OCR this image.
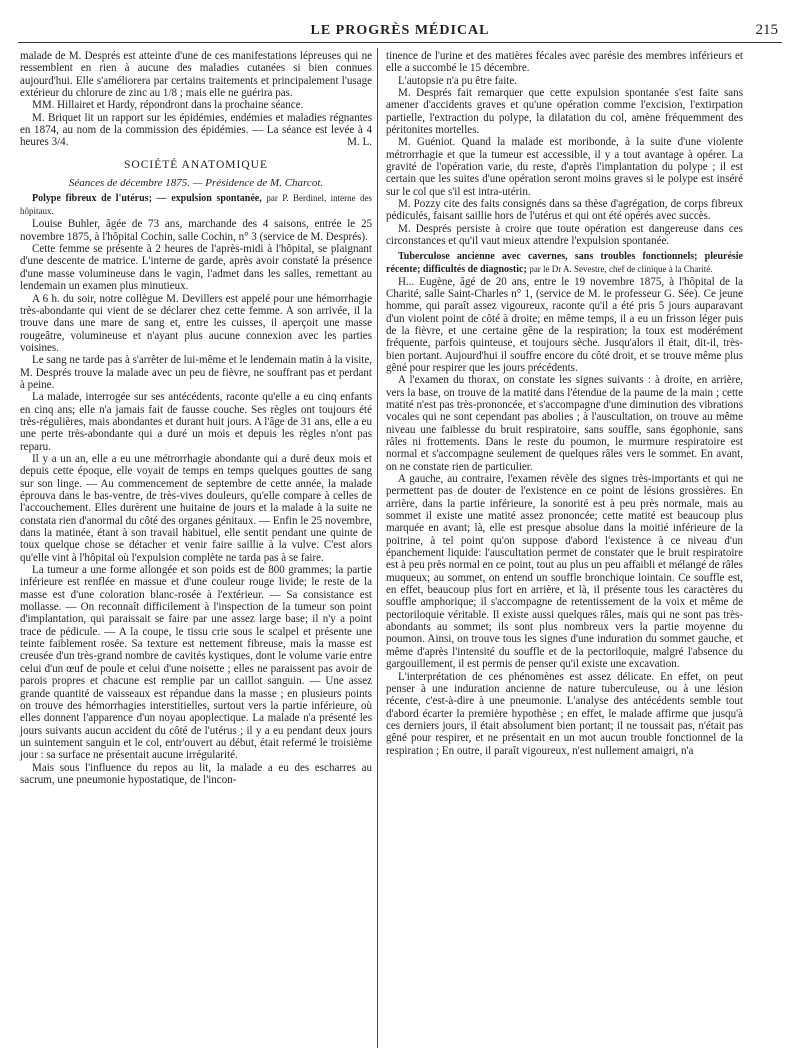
LE PROGRÈS MÉDICAL	215

malade de M. Després est atteinte d'une de ces manifestations lépreuses qui ne ressemblent en rien à aucune des maladies cutanées si bien connues aujourd'hui. Elle s'améliorera par certains traitements et principalement l'usage extérieur du chlorure de zinc au 1/8 ; mais elle ne guérira pas.

MM. Hillairet et Hardy, répondront dans la prochaine séance.

M. Briquet lit un rapport sur les épidémies, endémies et maladies régnantes en 1874, au nom de la commission des épidémies. — La séance est levée à 4 heures 3/4.	M. L.

SOCIÉTÉ ANATOMIQUE
Séances de décembre 1875. — Présidence de M. Charcot.

Polype fibreux de l'utérus; — expulsion spontanée, par P. Berdinel, interne des hôpitaux.

Louise Buhler, âgée de 73 ans, marchande des 4 saisons, entrée le 25 novembre 1875, à l'hôpital Cochin, salle Cochin, n° 3 (service de M. Després).

Cette femme se présente à 2 heures de l'après-midi à l'hôpital, se plaignant d'une descente de matrice. L'interne de garde, après avoir constaté la présence d'une masse volumineuse dans le vagin, l'admet dans les salles, remettant au lendemain un examen plus minutieux.

A 6 h. du soir, notre collègue M. Devillers est appelé pour une hémorrhagie très-abondante qui vient de se déclarer chez cette femme. A son arrivée, il la trouve dans une mare de sang et, entre les cuisses, il aperçoit une masse rougeâtre, volumineuse et n'ayant plus aucune connexion avec les parties voisines.

Le sang ne tarde pas à s'arrêter de lui-même et le lendemain matin à la visite, M. Després trouve la malade avec un peu de fièvre, ne souffrant pas et perdant à peine.

La malade, interrogée sur ses antécédents, raconte qu'elle a eu cinq enfants en cinq ans; elle n'a jamais fait de fausse couche. Ses règles ont toujours été très-régulières, mais abondantes et durant huit jours. A l'âge de 31 ans, elle a eu une perte très-abondante qui a duré un mois et depuis les règles n'ont pas reparu.

Il y a un an, elle a eu une métrorrhagie abondante qui a duré deux mois et depuis cette époque, elle voyait de temps en temps quelques gouttes de sang sur son linge. — Au commencement de septembre de cette année, la malade éprouva dans le bas-ventre, de très-vives douleurs, qu'elle compare à celles de l'accouchement. Elles durèrent une huitaine de jours et la malade à la suite ne constata rien d'anormal du côté des organes génitaux. — Enfin le 25 novembre, dans la matinée, étant à son travail habituel, elle sentit pendant une quinte de toux quelque chose se détacher et venir faire saillie à la vulve. C'est alors qu'elle vint à l'hôpital où l'expulsion complète ne tarda pas à se faire.

La tumeur a une forme allongée et son poids est de 800 grammes; la partie inférieure est renflée en massue et d'une couleur rouge livide; le reste de la masse est d'une coloration blanc-rosée à l'extérieur. — Sa consistance est mollasse. — On reconnaît difficilement à l'inspection de la tumeur son point d'implantation, qui paraissait se faire par une assez large base; il n'y a point trace de pédicule. — A la coupe, le tissu crie sous le scalpel et présente une teinte faiblement rosée. Sa texture est nettement fibreuse, mais la masse est creusée d'un très-grand nombre de cavités kystiques, dont le volume varie entre celui d'un œuf de poule et celui d'une noisette ; elles ne paraissent pas avoir de parois propres et chacune est remplie par un caillot sanguin. — Une assez grande quantité de vaisseaux est répandue dans la masse ; en plusieurs points on trouve des hémorrhagies interstitielles, surtout vers la partie inférieure, où elles donnent l'apparence d'un noyau apoplectique. La malade n'a présenté les jours suivants aucun accident du côté de l'utérus ; il y a eu pendant deux jours un suintement sanguin et le col, entr'ouvert au début, était refermé le troisième jour : sa surface ne présentait aucune irrégularité.

Mais sous l'influence du repos au lit, la malade a eu des escharres au sacrum, une pneumonie hypostatique, de l'incon-

tinence de l'urine et des matières fécales avec parésie des membres inférieurs et elle a succombé le 15 décembre.

L'autopsie n'a pu être faite.

M. Després fait remarquer que cette expulsion spontanée s'est faite sans amener d'accidents graves et qu'une opération comme l'excision, l'extirpation partielle, l'extraction du polype, la dilatation du col, amène fréquemment des péritonites mortelles.

M. Guéniot. Quand la malade est moribonde, à la suite d'une violente métrorrhagie et que la tumeur est accessible, il y a tout avantage à opérer. La gravité de l'opération varie, du reste, d'après l'implantation du polype ; il est certain que les suites d'une opération seront moins graves si le polype est inséré sur le col que s'il est intra-utérin.

M. Pozzy cite des faits consignés dans sa thèse d'agrégation, de corps fibreux pédiculés, faisant saillie hors de l'utérus et qui ont été opérés avec succès.

M. Després persiste à croire que toute opération est dangereuse dans ces circonstances et qu'il vaut mieux attendre l'expulsion spontanée.

Tuberculose ancienne avec cavernes, sans troubles fonctionnels; pleurésie récente; difficultés de diagnostic; par le Dr A. Sevestre, chef de clinique à la Charité.

H... Eugène, âgé de 20 ans, entre le 19 novembre 1875, à l'hôpital de la Charité, salle Saint-Charles n° 1, (service de M. le professeur G. Sée). Ce jeune homme, qui paraît assez vigoureux, raconte qu'il a été pris 5 jours auparavant d'un violent point de côté à droite; en même temps, il a eu un frisson léger puis de la fièvre, et une certaine gêne de la respiration; la toux est modérément fréquente, parfois quinteuse, et toujours sèche. Jusqu'alors il était, dit-il, très-bien portant. Aujourd'hui il souffre encore du côté droit, et se trouve même plus gêné pour respirer que les jours précédents.

A l'examen du thorax, on constate les signes suivants : à droite, en arrière, vers la base, on trouve de la matité dans l'étendue de la paume de la main ; cette matité n'est pas très-prononcée, et s'accompagne d'une diminution des vibrations vocales qui ne sont cependant pas abolies ; à l'auscultation, on trouve au même niveau une faiblesse du bruit respiratoire, sans souffle, sans égophonie, sans râles ni frottements. Dans le reste du poumon, le murmure respiratoire est normal et s'accompagne seulement de quelques râles vers le sommet. En avant, on ne constate rien de particulier.

A gauche, au contraire, l'examen révèle des signes très-importants et qui ne permettent pas de douter de l'existence en ce point de lésions grossières. En arrière, dans la partie inférieure, la sonorité est à peu près normale, mais au sommet il existe une matité assez prononcée; cette matité est beaucoup plus marquée en avant; là, elle est presque absolue dans la moitié inférieure de la poitrine, à tel point qu'on suppose d'abord l'existence à ce niveau d'un épanchement liquide: l'auscultation permet de constater que le bruit respiratoire est à peu près normal en ce point, tout au plus un peu affaibli et mélangé de râles muqueux; au sommet, on entend un souffle bronchique lointain. Ce souffle est, en effet, beaucoup plus fort en arrière, et là, il présente tous les caractères du souffle amphorique; il s'accompagne de retentissement de la voix et même de pectoriloquie véritable. Il existe aussi quelques râles, mais qui ne sont pas très-abondants au sommet; ils sont plus nombreux vers la partie moyenne du poumon. Ainsi, on trouve tous les signes d'une induration du sommet gauche, et même d'après l'intensité du souffle et de la pectoriloquie, malgré l'absence du gargouillement, il est permis de penser qu'il existe une excavation.

L'interprétation de ces phénomènes est assez délicate. En effet, on peut penser à une induration ancienne de nature tuberculeuse, ou à une lésion récente, c'est-à-dire à une pneumonie. L'analyse des antécédents semble tout d'abord écarter la première hypothèse ; en effet, le malade affirme que jusqu'à ces derniers jours, il était absolument bien portant; il ne toussait pas, n'était pas gêné pour respirer, et ne présentait en un mot aucun trouble fonctionnel de la respiration ; En outre, il paraît vigoureux, n'est nullement amaigri, n'a
